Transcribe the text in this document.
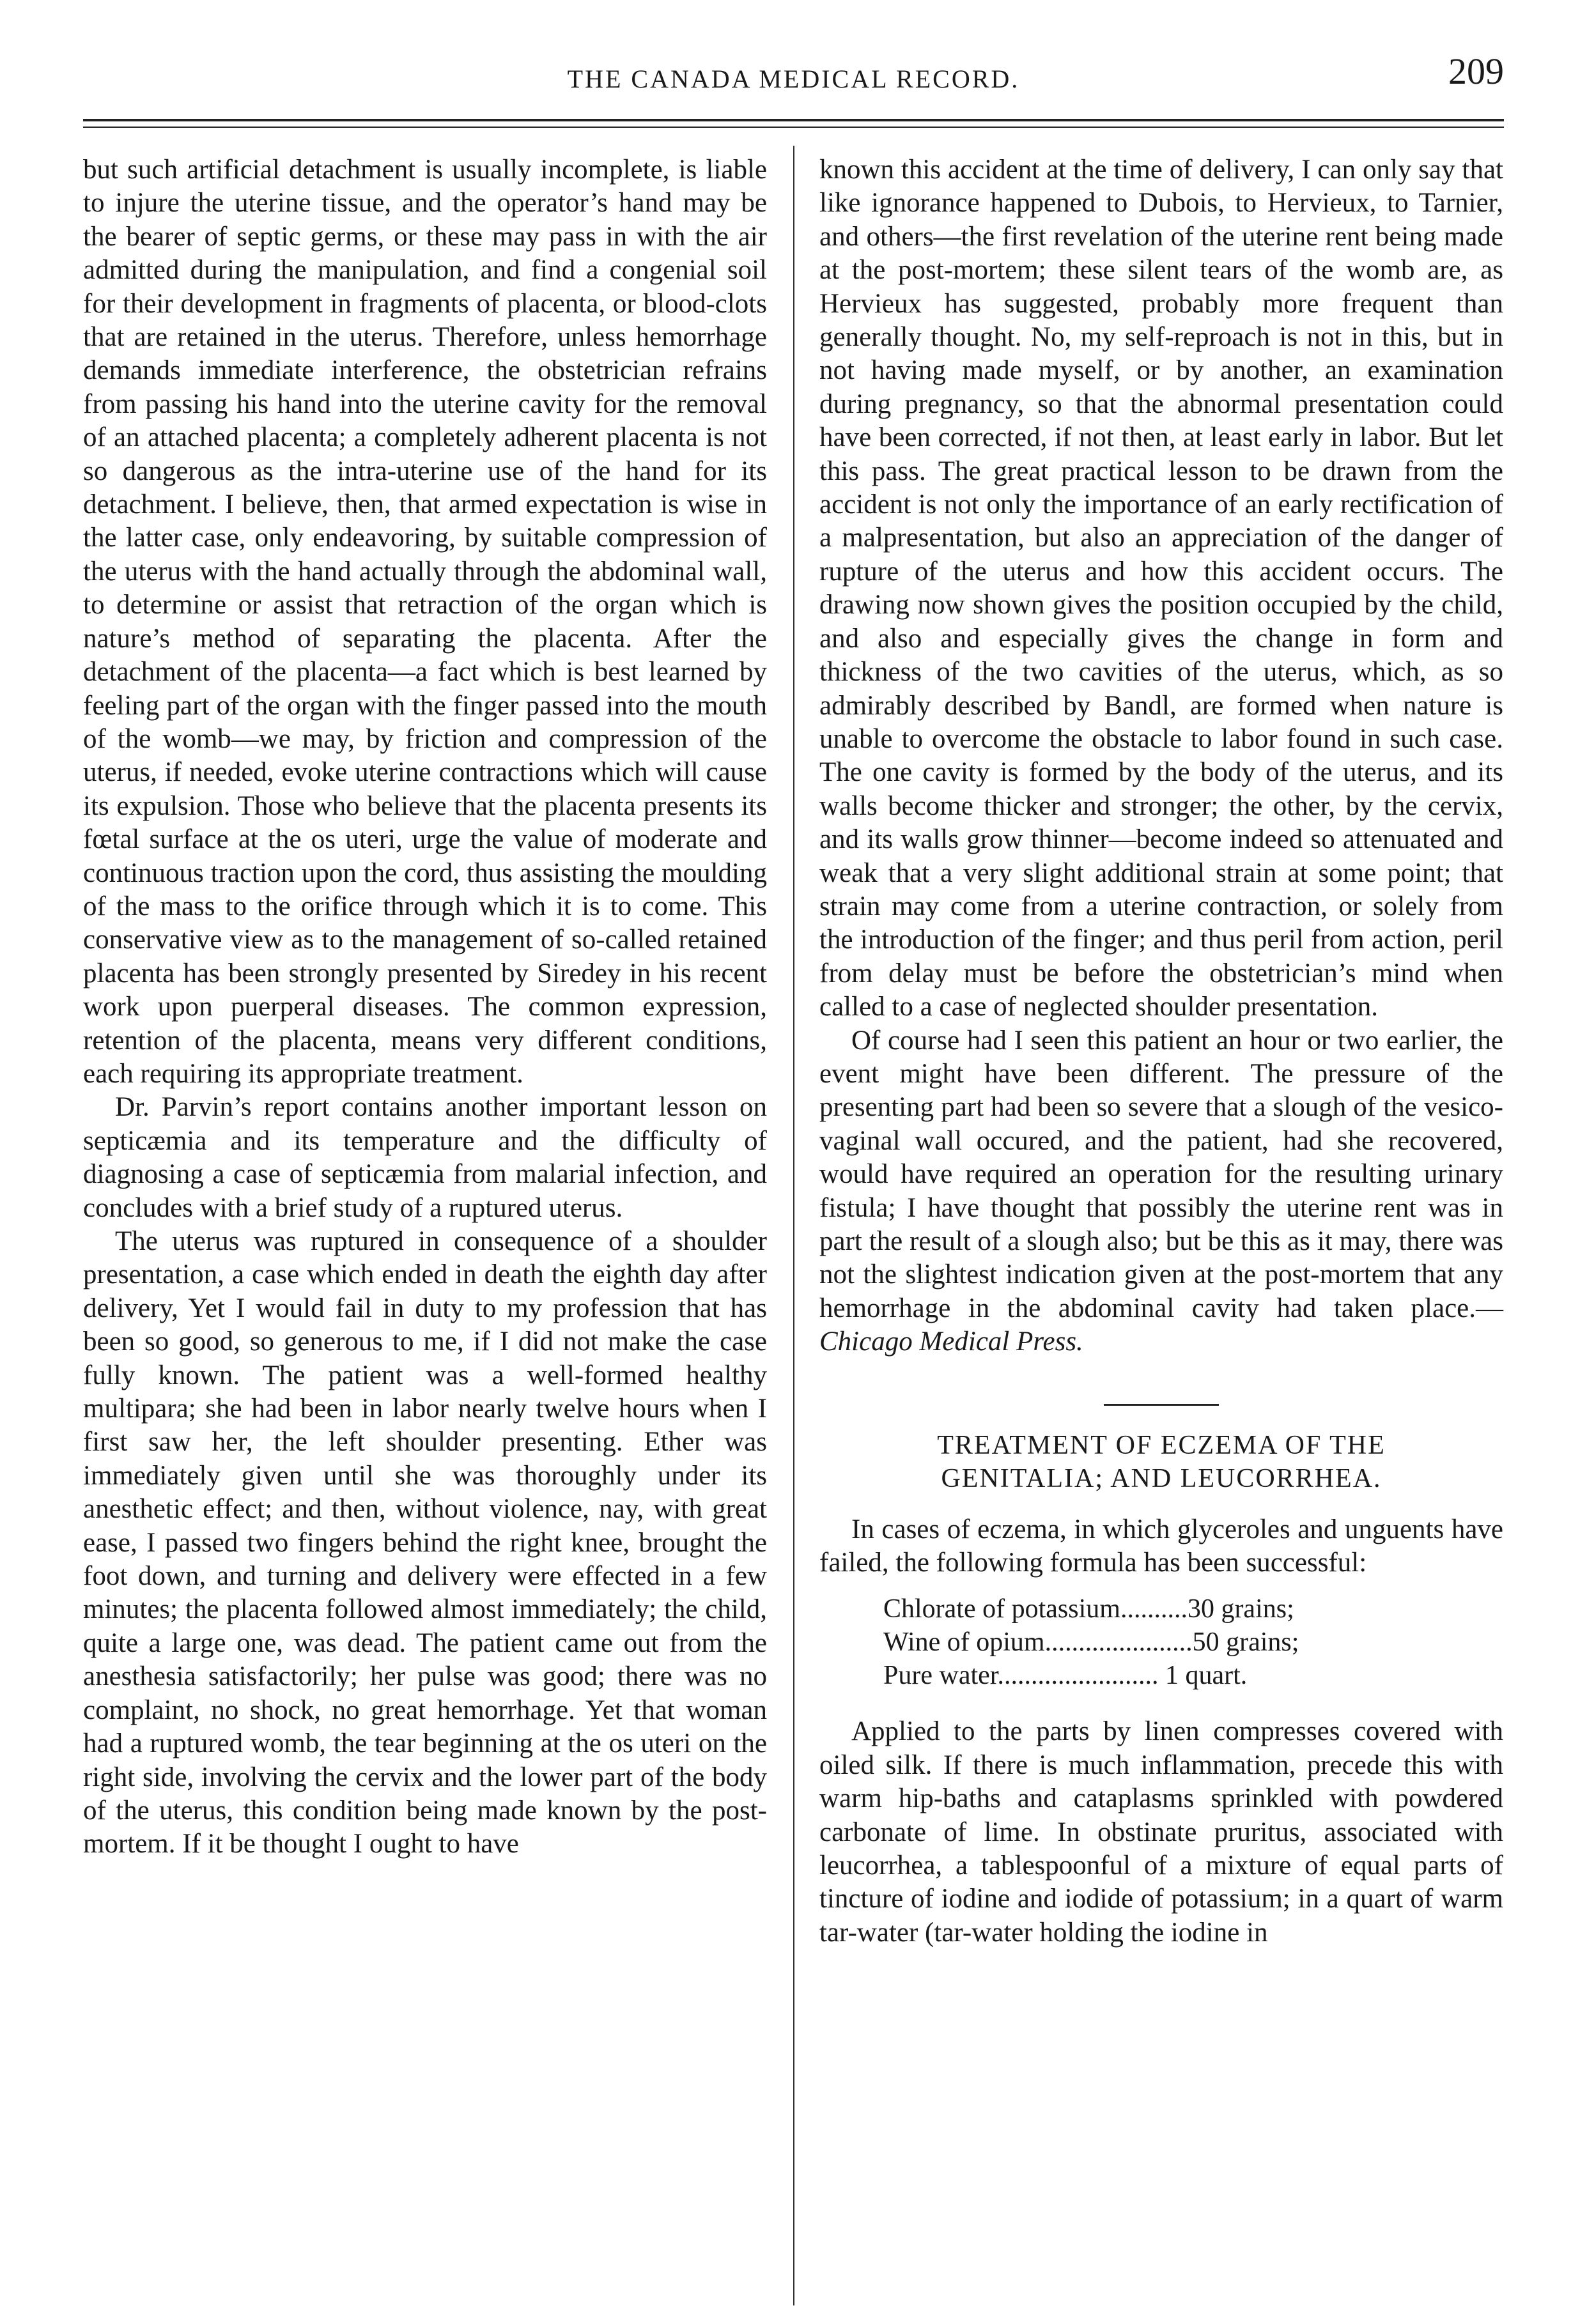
THE CANADA MEDICAL RECORD.	209

but such artificial detachment is usually incomplete, is liable to injure the uterine tissue, and the operator’s hand may be the bearer of septic germs, or these may pass in with the air admitted during the manipulation, and find a congenial soil for their development in fragments of placenta, or blood-clots that are retained in the uterus. Therefore, unless hemorrhage demands immediate interference, the obstetrician refrains from passing his hand into the uterine cavity for the removal of an attached placenta; a completely adherent placenta is not so dangerous as the intra-uterine use of the hand for its detachment. I believe, then, that armed expectation is wise in the latter case, only endeavoring, by suitable compression of the uterus with the hand actually through the abdominal wall, to determine or assist that retraction of the organ which is nature’s method of separating the placenta. After the detachment of the placenta—a fact which is best learned by feeling part of the organ with the finger passed into the mouth of the womb—we may, by friction and compression of the uterus, if needed, evoke uterine contractions which will cause its expulsion. Those who believe that the placenta presents its fœtal surface at the os uteri, urge the value of moderate and continuous traction upon the cord, thus assisting the moulding of the mass to the orifice through which it is to come. This conservative view as to the management of so-called retained placenta has been strongly presented by Siredey in his recent work upon puerperal diseases. The common expression, retention of the placenta, means very different conditions, each requiring its appropriate treatment.

Dr. Parvin’s report contains another important lesson on septicæmia and its temperature and the difficulty of diagnosing a case of septicæmia from malarial infection, and concludes with a brief study of a ruptured uterus.

The uterus was ruptured in consequence of a shoulder presentation, a case which ended in death the eighth day after delivery, Yet I would fail in duty to my profession that has been so good, so generous to me, if I did not make the case fully known. The patient was a well-formed healthy multipara; she had been in labor nearly twelve hours when I first saw her, the left shoulder presenting. Ether was immediately given until she was thoroughly under its anesthetic effect; and then, without violence, nay, with great ease, I passed two fingers behind the right knee, brought the foot down, and turning and delivery were effected in a few minutes; the placenta followed almost immediately; the child, quite a large one, was dead. The patient came out from the anesthesia satisfactorily; her pulse was good; there was no complaint, no shock, no great hemorrhage. Yet that woman had a ruptured womb, the tear beginning at the os uteri on the right side, involving the cervix and the lower part of the body of the uterus, this condition being made known by the post-mortem. If it be thought I ought to have

known this accident at the time of delivery, I can only say that like ignorance happened to Dubois, to Hervieux, to Tarnier, and others—the first revelation of the uterine rent being made at the post-mortem; these silent tears of the womb are, as Hervieux has suggested, probably more frequent than generally thought. No, my self-reproach is not in this, but in not having made myself, or by another, an examination during pregnancy, so that the abnormal presentation could have been corrected, if not then, at least early in labor. But let this pass. The great practical lesson to be drawn from the accident is not only the importance of an early rectification of a malpresentation, but also an appreciation of the danger of rupture of the uterus and how this accident occurs. The drawing now shown gives the position occupied by the child, and also and especially gives the change in form and thickness of the two cavities of the uterus, which, as so admirably described by Bandl, are formed when nature is unable to overcome the obstacle to labor found in such case. The one cavity is formed by the body of the uterus, and its walls become thicker and stronger; the other, by the cervix, and its walls grow thinner—become indeed so attenuated and weak that a very slight additional strain at some point; that strain may come from a uterine contraction, or solely from the introduction of the finger; and thus peril from action, peril from delay must be before the obstetrician’s mind when called to a case of neglected shoulder presentation.

Of course had I seen this patient an hour or two earlier, the event might have been different. The pressure of the presenting part had been so severe that a slough of the vesico-vaginal wall occured, and the patient, had she recovered, would have required an operation for the resulting urinary fistula; I have thought that possibly the uterine rent was in part the result of a slough also; but be this as it may, there was not the slightest indication given at the post-mortem that any hemorrhage in the abdominal cavity had taken place.—Chicago Medical Press.

TREATMENT OF ECZEMA OF THE
GENITALIA; AND LEUCORRHEA.

In cases of eczema, in which glyceroles and unguents have failed, the following formula has been successful:

Chlorate of potassium..........30 grains;
Wine of opium......................50 grains;
Pure water........................ 1 quart.

Applied to the parts by linen compresses covered with oiled silk. If there is much inflammation, precede this with warm hip-baths and cataplasms sprinkled with powdered carbonate of lime. In obstinate pruritus, associated with leucorrhea, a tablespoonful of a mixture of equal parts of tincture of iodine and iodide of potassium; in a quart of warm tar-water (tar-water holding the iodine in
